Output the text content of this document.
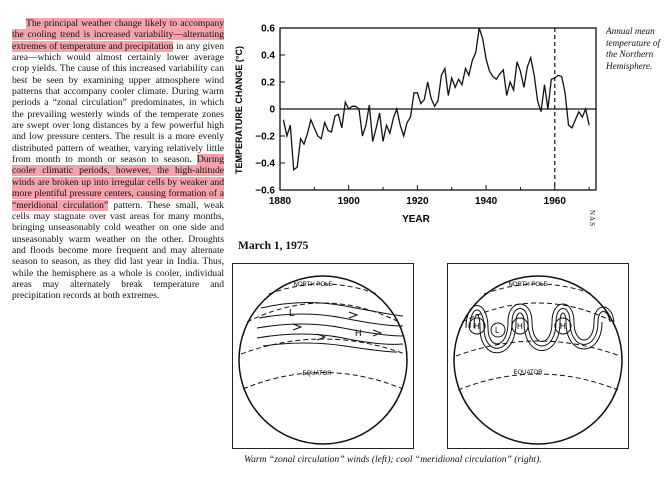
The principal weather change likely to accompany the cooling trend is increased variability—alternating extremes of temperature and precipitation in any given area—which would almost certainly lower average crop yields. The cause of this increased variability can best be seen by examining upper atmosphere wind patterns that accompany cooler climate. During warm periods a “zonal circulation” predominates, in which the prevailing westerly winds of the temperate zones are swept over long distances by a few powerful high and low pressure centers. The result is a more evenly distributed pattern of weather, varying relatively little from month to month or season to season. During cooler climatic periods, however, the high-altitude winds are broken up into irregular cells by weaker and more plentiful pressure centers, causing formation of a “meridional circulation” pattern. These small, weak cells may stagnate over vast areas for many months, bringing unseasonably cold weather on one side and unseasonably warm weather on the other. Droughts and floods become more frequent and may alternate season to season, as they did last year in India. Thus, while the hemisphere as a whole is cooler, individual areas may alternately break temperature and precipitation records at both extremes.

0.6
0.4
0.2
0
−0.2
−0.4
−0.6
1880	1900	1920	1940	1960
TEMPERATURE CHANGE (°C)
YEAR
Annual mean temperature of the Northern Hemisphere.
NAS
March 1, 1975
NORTH POLE
L
H
EQUATOR
NORTH POLE
H L H	H
EQUATOR
Warm “zonal circulation” winds (left); cool “meridional circulation” (right).
